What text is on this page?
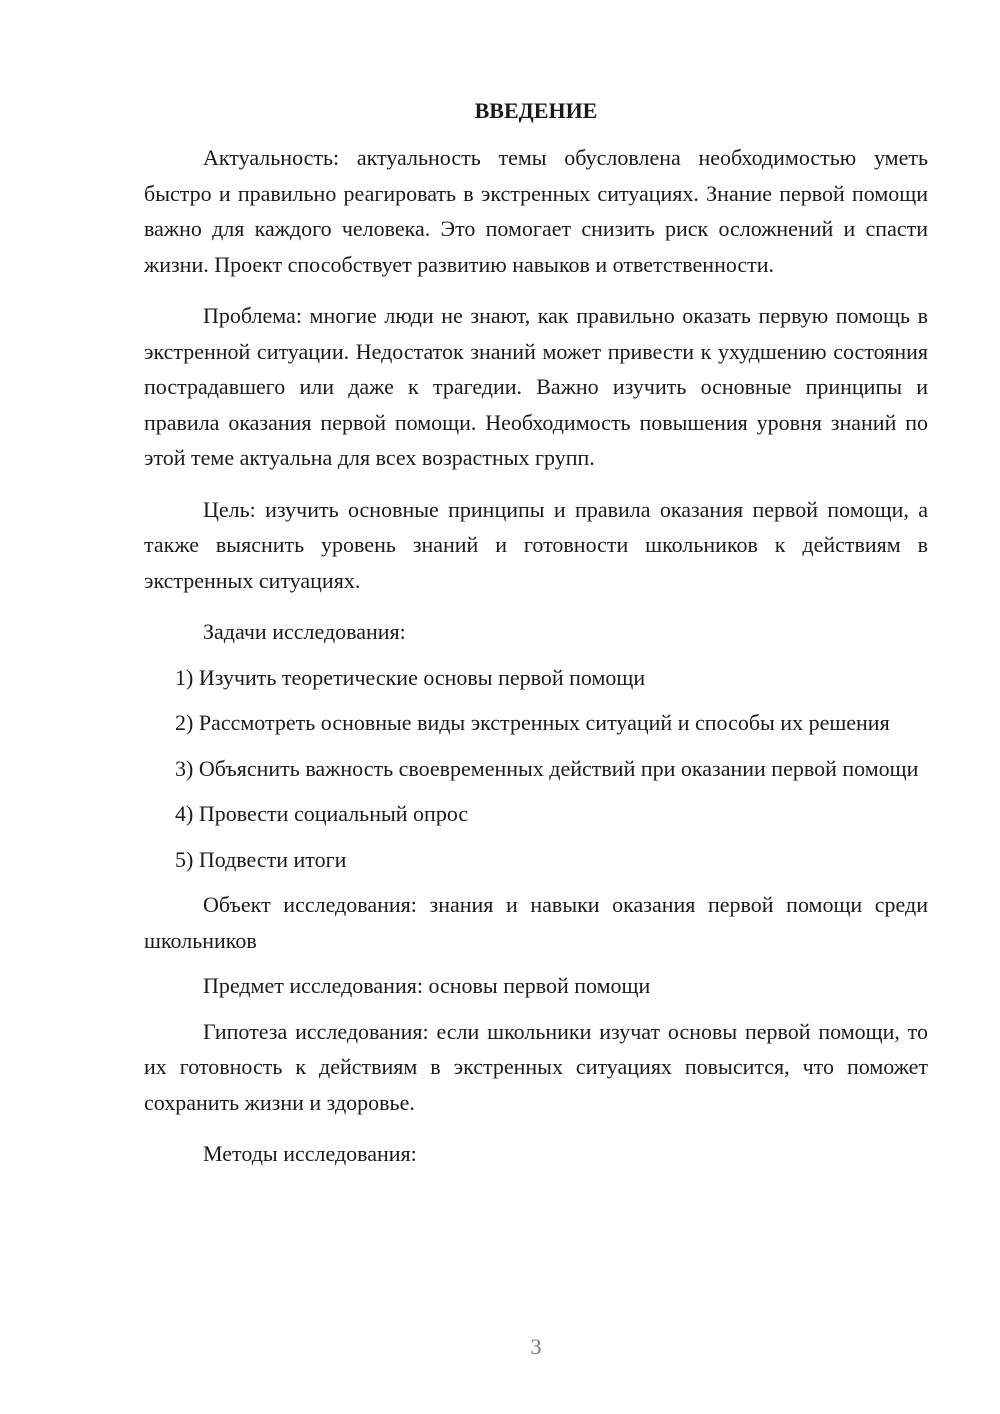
ВВЕДЕНИЕ

Актуальность: актуальность темы обусловлена необходимостью уметь быстро и правильно реагировать в экстренных ситуациях. Знание первой помощи важно для каждого человека. Это помогает снизить риск осложнений и спасти жизни. Проект способствует развитию навыков и ответственности.

Проблема: многие люди не знают, как правильно оказать первую помощь в экстренной ситуации. Недостаток знаний может привести к ухудшению состояния пострадавшего или даже к трагедии. Важно изучить основные принципы и правила оказания первой помощи. Необходимость повышения уровня знаний по этой теме актуальна для всех возрастных групп.

Цель: изучить основные принципы и правила оказания первой помощи, а также выяснить уровень знаний и готовности школьников к действиям в экстренных ситуациях.

Задачи исследования:

1) Изучить теоретические основы первой помощи

2) Рассмотреть основные виды экстренных ситуаций и способы их решения

3) Объяснить важность своевременных действий при оказании первой помощи

4) Провести социальный опрос

5) Подвести итоги

Объект исследования: знания и навыки оказания первой помощи среди школьников

Предмет исследования: основы первой помощи

Гипотеза исследования: если школьники изучат основы первой помощи, то их готовность к действиям в экстренных ситуациях повысится, что поможет сохранить жизни и здоровье.

Методы исследования:

3
